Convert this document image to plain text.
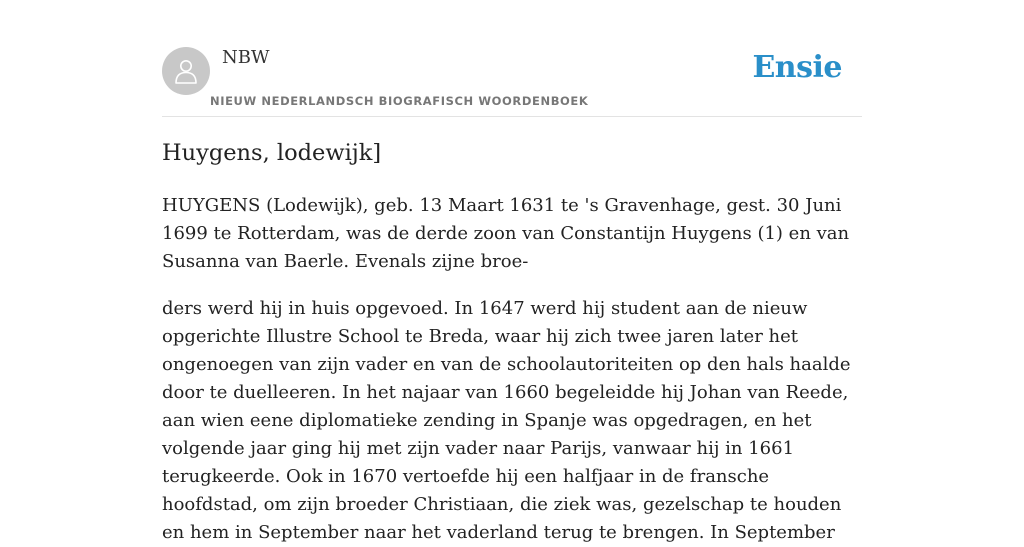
NBW
NIEUW NEDERLANDSCH BIOGRAFISCH WOORDENBOEK
Ensie
Huygens, lodewijk]

HUYGENS (Lodewijk), geb. 13 Maart 1631 te 's Gravenhage, gest. 30 Juni 1699 te Rotterdam, was de derde zoon van Constantijn Huygens (1) en van Susanna van Baerle. Evenals zijne broe-

ders werd hij in huis opgevoed. In 1647 werd hij student aan de nieuw opgerichte Illustre School te Breda, waar hij zich twee jaren later het ongenoegen van zijn vader en van de schoolautoriteiten op den hals haalde door te duelleeren. In het najaar van 1660 begeleidde hij Johan van Reede, aan wien eene diplomatieke zending in Spanje was opgedragen, en het volgende jaar ging hij met zijn vader naar Parijs, vanwaar hij in 1661 terugkeerde. Ook in 1670 vertoefde hij een halfjaar in de fransche hoofdstad, om zijn broeder Christiaan, die ziek was, gezelschap te houden en hem in September naar het vaderland terug te brengen. In September
